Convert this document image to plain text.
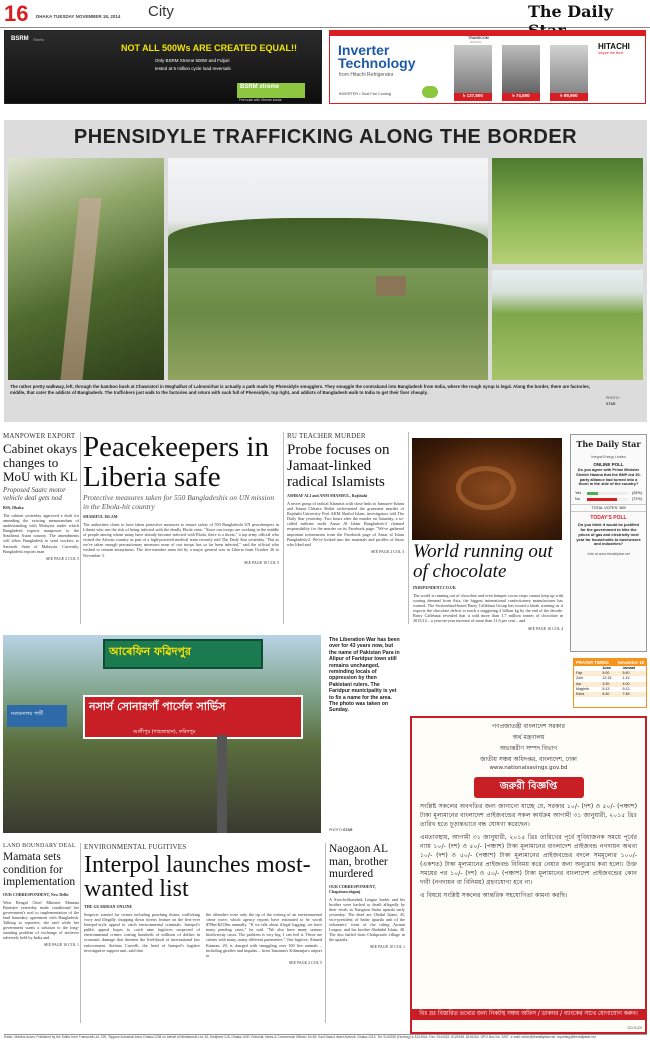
16 DHAKA TUESDAY NOVEMBER 18, 2014 City	The Daily
BSRM Steels
NOT ALL 500Ws ARE CREATED EQUAL!!
Only BSRM Xtreme 500W and Fuljuri
tested at 5 million cycle load reversals
BSRM xtreme
Feel safe with Xtreme inside
TRANSCOM
DIGITAL
Inverter
Technology
from Hitachi Refrigerator
INVERTER • Dual Fan Cooling	৳ 137,500	৳ 74,500	৳ 89,900
HITACHI
Inspire the Next
PHENSIDYLE TRAFFICKING ALONG THE BORDER
The rather pretty walkway, left, through the bamboo bush at Chawratori in Moghalhat of Lalmonirhat is actually a path made by Phensidyle smugglers. They smuggle the contraband into Bangladesh from India, where the rough syrup is legal. Along the border, there are factories, middle, that cater the addicts of Bangladesh. The traffickers just walk to the factories and return with sack full of Phensidyle, top right, and addicts of Bangladesh walk to India to get their fixer cheaply.
PHOTO:
STAR
MANPOWER EXPORT
Cabinet okays changes to MoU with KL
Proposed Saarc motor vehicle deal gets nod
BSS, Dhaka
The cabinet yesterday approved a draft for amending the existing memorandum of understanding with Malaysia under which Bangladesh exports manpower to the Southeast Asian country. The amendments will allow Bangladesh to send workers to Sarawak State of Malaysia. Currently, Bangladesh exports man
SEE PAGE 2 COL 5
Peacekeepers in Liberia safe
Protective measures taken for 550 Bangladeshis on UN mission in the Ebola-hit country
SHARIFUL ISLAM
The authorities claim to have taken protective measures to ensure safety of 550 Bangladeshi UN peacekeepers in Liberia who run the risk of being infected with the deadly Ebola virus. "Since our troops are working in the middle of people among whom many have already become infected with Ebola, there is a threat," a top army official who visited the African country as part of a high-powered medical team recently told The Daily Star yesterday. "But as we've taken enough precautionary measures none of our troops has so far been infected," said the official who wished to remain anonymous. The five-member team led by a major general was in Liberia from October 26 to November 3.
SEE PAGE 10 COL 5
RU TEACHER MURDER
Probe focuses on Jamaat-linked radical Islamists
ASHRAF ALI and ANM SHAMSUL, Rajshahi
A secret group of radical Islamists with close links to Jamaat-e-Islami and Islami Chhatra Shibir orchestrated the gruesome murder of Rajshahi University Prof AKM Shafiul Islam, investigators told The Daily Star yesterday. Two hours after the murder on Saturday, a so-called militant outfit Ansar Al Islam Bangladesh-2 claimed responsibility for the murder on its Facebook page. "We've gathered important information from the Facebook page of Ansar al Islam Bangladesh-2. We've looked into the materials and profiles of those who liked and
SEE PAGE 2 COL 3 World running out of chocolate
INDEPENDENT.CO.UK
The world is running out of chocolate and even bumper cocoa crops cannot keep up with soaring demand from Asia, the biggest international confectionery manufacturer has warned. The Switzerland-based Barry Callebaut Group has issued a bleak warning as it expects the chocolate deficit to reach a staggering 2 billion kg by the end of the decade. Barry Callebaut revealed that it sold more than 1.7 million tonnes of chocolate in 2013/14 – a year-on-year increase of more than 11.6 per cent – and
SEE PAGE 10 COL 4
The Daily Star
Integral Energy Limited
ONLINE POLL
Do you agree with Prime Minister Sheikh Hasina that the BNP-led 20-party alliance had turned into a thorn in the side of the country?
Yes	(28%)
No	(72%)
TOTAL VOTES: 389
TODAY'S POLL
Do you think it would be justified for the government to hike the prices of gas and electricity next year for households to businesses and industries?
Vote at www.thedailystar.net
আৰেফিন ফৱিদপুর
নসার্স সোনারগাঁ পার্সেল সার্ভিস
আলীপুর (শাহজাহান), ফরিদপুর
নবায়নালয় পার্টি
PHOTO: STAR
The Liberation War has been over for 43 years now, but the name of Pakistan Para in Alipur of Faridpur town still remains unchanged, reminding locals of oppression by then Pakistani rulers. The Faridpur municipality is yet to fix a name for the area. The photo was taken on Sunday.
PRAYER TIMING November 18
	Azan	Jamaat
Fajr	5:00	5:40
Zohr	12:15	1:15
Asr	3:30	4:00
Maghrib	5:13	5:13
Esha	6:30	7:45
গণপ্রজাতন্ত্রী বাংলাদেশ সরকার
অর্থ মন্ত্রণালয়
অভ্যন্তরীণ সম্পদ বিভাগ
জাতীয় সঞ্চয় অধিদপ্তর, বাংলাদেশ, ঢাকা
www.nationalsavings.gov.bd
জরুরী বিজ্ঞপ্তি
সংশ্লিষ্ট সকলের অবগতির জন্য জানানো যাচ্ছে যে, সরকার ১০/- (দশ) ও ৫০/- (পঞ্চাশ) টাকা মূল্যমানের বাংলাদেশ প্রাইজবন্ডের সকল কার্যক্রম আগামী ৩১ জানুয়ারী, ২০১৫ খ্রিঃ তারিখ হতে চূড়ান্তভাবে বন্ধ ঘোষণা করেছেন।
এমতাবস্থায়, আগামী ৩১ জানুয়ারী, ২০১৫ খ্রিঃ তারিখের পূর্বে সুবিধাজনক সময়ে পূর্বের ন্যায় ১০/- (দশ) ও ৫০/- (পঞ্চাশ) টাকা মূল্যমানের বাংলাদেশ প্রাইজবন্ড নগদায়ন অথবা ১০/- (দশ) ও ৫০/- (পঞ্চাশ) টাকা মূল্যমানের প্রাইজবন্ডের বদলে সমমূল্যের ১০০/- (একশত) টাকা মূল্যমানের প্রাইজবন্ড বিনিময় করে নেয়ার জন্য অনুরোধ করা হলো। উক্ত সময়ের পর ১০/- (দশ) ও ৫০/- (পঞ্চাশ) টাকা মূল্যমানের বাংলাদেশ প্রাইজবন্ডের কোন দাবী (নগদায়ন বা বিনিময়) গ্রহণযোগ্য হবে না।
এ বিষয়ে সংশ্লিষ্ট সকলের আন্তরিক সহযোগিতা কামনা করছি।
বিঃ দ্রঃ বিস্তারিত তথ্যের জন্য নিকটস্থ সঞ্চয় অফিস / ডাকঘর / ব্যাংকের সাথে যোগাযোগ করুন।
GD-9129
LAND BOUNDARY DEAL
Mamata sets condition for implementation
OUR CORRESPONDENT, New Delhi
West Bengal Chief Minister Mamata Banerjee yesterday made conditional her government's nod to implementation of the land boundary agreement with Bangladesh. Talking to reporters, she said while her government wants a solution to the long-standing problem of exchange of enclaves adversely held by India and
SEE PAGE 10 COL 1
ENVIRONMENTAL FUGITIVES
Interpol launches most-wanted list
THE GUARDIAN ONLINE
Suspects wanted for crimes including poaching rhinos, trafficking ivory and illegally chopping down forests feature on the first-ever Interpol-style appeal to catch environmental criminals. Interpol's public appeal hopes to catch nine fugitives suspected of environmental crimes costing hundreds of millions of dollars in economic damage that threaten the livelihood of international law enforcement. Stefano Carvelli, the head of Interpol's fugitive investigative support unit, said that
the offenders were only the tip of the iceberg of an environmental crime wave, which agency reports have estimated to be worth $70bn-$213bn annually. "If we talk about illegal logging, we have many pending cases," he said. "We also have many serious biodiversity cases. The problem is very big, I can feel it. These are crimes with many, many different parameters." One fugitive, Ahmed Kamran, 29, is charged with smuggling over 100 live animals – including giraffes and impalas – from Tanzania's Kilimanjaro airport to
SEE PAGE 2 COL 5
Naogaon AL man, brother murdered
OUR CORRESPONDENT, Chapainawabganj
A Swechchhasebak League leader and his brother were hacked to death allegedly by their rivals in Naogaon Sadar upazila early yesterday. The dead are Obidul Islam, 45, vice-president of Sadar upazila unit of the volunteers' front of the ruling Awami League, and his brother Shahidul Islam, 40. The duo hailed from Chakpraulo village in the upazila.
SEE PAGE 10 COL 1
Editor: Mahfuz Anam. Published by the Editor from Transcraft Ltd. 229, Tejgaon Industrial Area, Dhaka-1208 on behalf of Mediaworld Ltd, 52, Motijheel C/A, Dhaka-1000. Editorial, News & Commercial Offices: 64-65, Kazi Nazrul Islam Avenue, Dhaka-1215. Tel: 9144330 (Hunting) & 8124944, Fax: 9144332, 8125155, 8126154. GPO Box No. 3257, e-mail: editor@thedailystar.net, reporting@thedailystar.net
